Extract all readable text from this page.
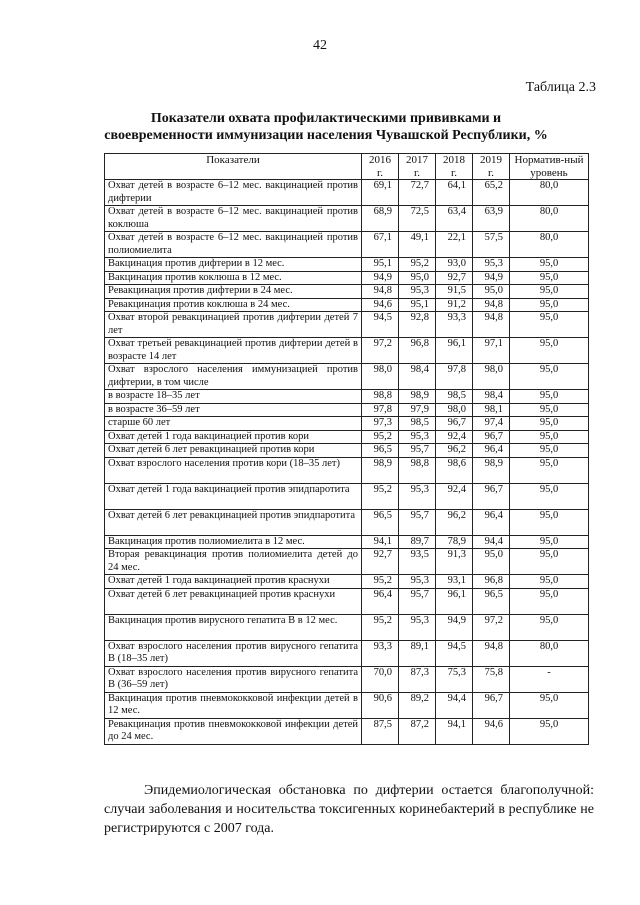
42
Таблица 2.3
Показатели охвата профилактическими прививками и своевременности иммунизации населения Чувашской Республики, %
Показатели	2016 г.	2017 г.	2018 г.	2019 г.	Норматив-ный уровень
Охват детей в возрасте 6–12 мес. вакцинацией против дифтерии	69,1	72,7	64,1	65,2	80,0
Охват детей в возрасте 6–12 мес. вакцинацией против коклюша	68,9	72,5	63,4	63,9	80,0
Охват детей в возрасте 6–12 мес. вакцинацией против полиомиелита	67,1	49,1	22,1	57,5	80,0
Вакцинация против дифтерии в 12 мес.	95,1	95,2	93,0	95,3	95,0
Вакцинация против коклюша в 12 мес.	94,9	95,0	92,7	94,9	95,0
Ревакцинация против дифтерии в 24 мес.	94,8	95,3	91,5	95,0	95,0
Ревакцинация против коклюша в 24 мес.	94,6	95,1	91,2	94,8	95,0
Охват второй ревакцинацией против дифтерии детей 7 лет	94,5	92,8	93,3	94,8	95,0
Охват третьей ревакцинацией против дифтерии детей в возрасте 14 лет	97,2	96,8	96,1	97,1	95,0
Охват взрослого населения иммунизацией против дифтерии, в том числе	98,0	98,4	97,8	98,0	95,0
в возрасте 18–35 лет	98,8	98,9	98,5	98,4	95,0
в возрасте 36–59 лет	97,8	97,9	98,0	98,1	95,0
старше 60 лет	97,3	98,5	96,7	97,4	95,0
Охват детей 1 года вакцинацией против кори	95,2	95,3	92,4	96,7	95,0
Охват детей 6 лет ревакцинацией против кори	96,5	95,7	96,2	96,4	95,0
Охват взрослого населения против кори (18–35 лет)	98,9	98,8	98,6	98,9	95,0
Охват детей 1 года вакцинацией против эпидпаротита	95,2	95,3	92,4	96,7	95,0
Охват детей 6 лет ревакцинацией против эпидпаротита	96,5	95,7	96,2	96,4	95,0
Вакцинация против полиомиелита в 12 мес.	94,1	89,7	78,9	94,4	95,0
Вторая ревакцинация против полиомиелита детей до 24 мес.	92,7	93,5	91,3	95,0	95,0
Охват детей 1 года вакцинацией против краснухи	95,2	95,3	93,1	96,8	95,0
Охват детей 6 лет ревакцинацией против краснухи	96,4	95,7	96,1	96,5	95,0
Вакцинация против вирусного гепатита В в 12 мес.	95,2	95,3	94,9	97,2	95,0
Охват взрослого населения против вирусного гепатита В (18–35 лет)	93,3	89,1	94,5	94,8	80,0
Охват взрослого населения против вирусного гепатита В (36–59 лет)	70,0	87,3	75,3	75,8	-
Вакцинация против пневмококковой инфекции детей в 12 мес.	90,6	89,2	94,4	96,7	95,0
Ревакцинация против пневмококковой инфекции детей до 24 мес.	87,5	87,2	94,1	94,6	95,0
Эпидемиологическая обстановка по дифтерии остается благополучной: случаи заболевания и носительства токсигенных коринебактерий в республике не регистрируются с 2007 года.
